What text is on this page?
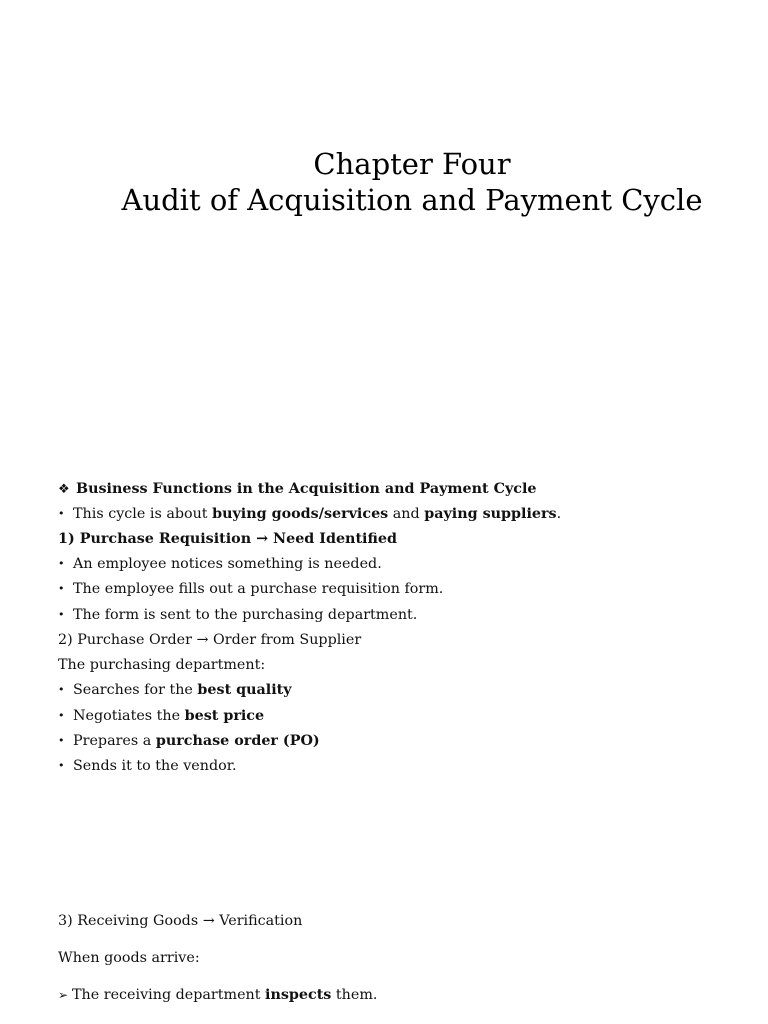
Chapter Four
Audit of Acquisition and Payment Cycle
❖ Business Functions in the Acquisition and Payment Cycle
• This cycle is about buying goods/services and paying suppliers.
1) Purchase Requisition → Need Identified
• An employee notices something is needed.
• The employee fills out a purchase requisition form.
• The form is sent to the purchasing department.
2) Purchase Order → Order from Supplier
The purchasing department:
• Searches for the best quality
• Negotiates the best price
• Prepares a purchase order (PO)
• Sends it to the vendor.
3) Receiving Goods → Verification
When goods arrive:
➢ The receiving department inspects them.
